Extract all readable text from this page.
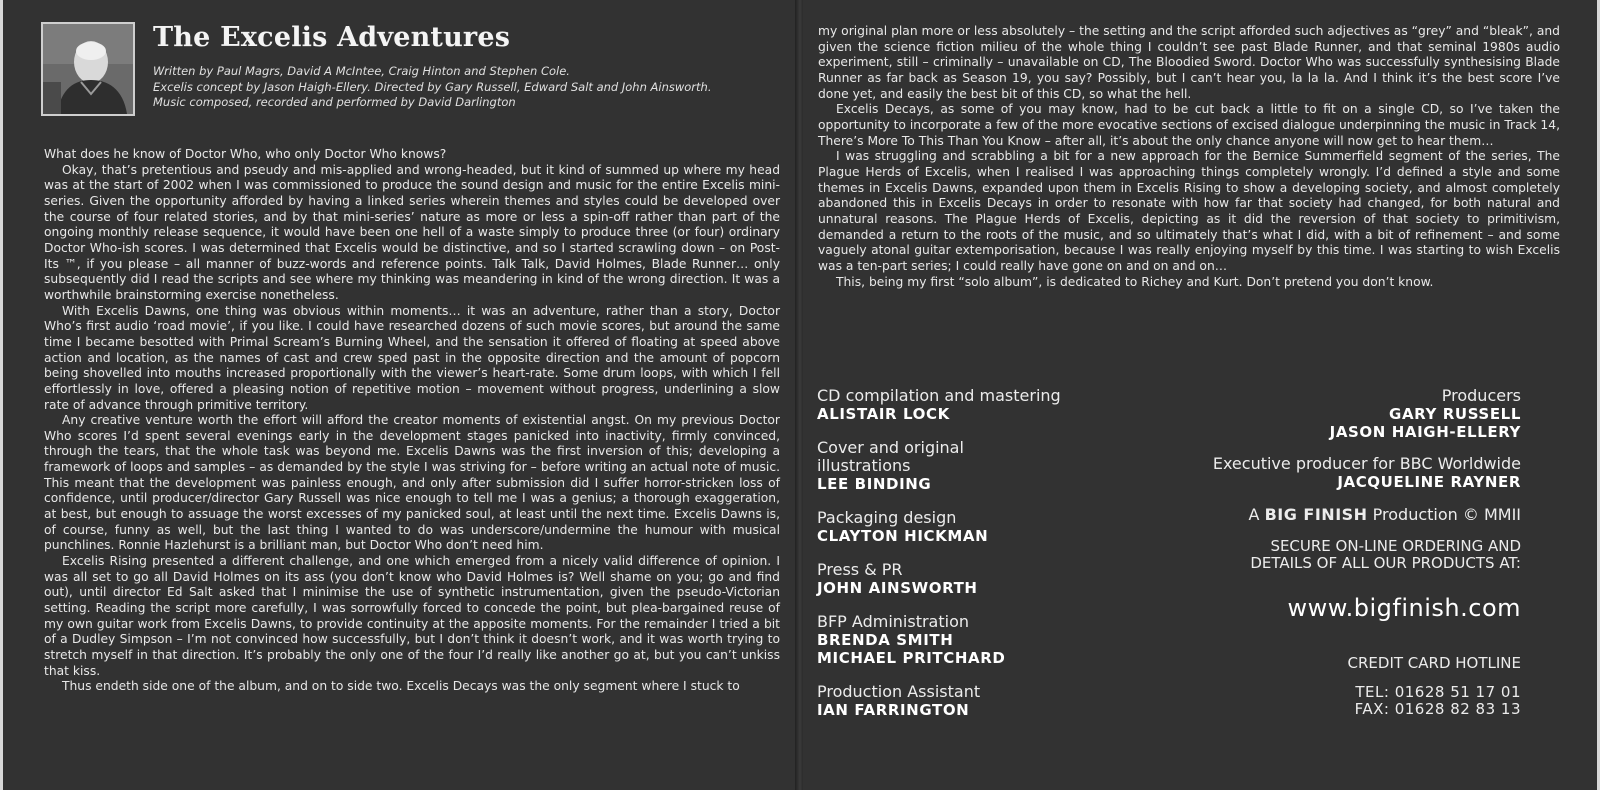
The Excelis Adventures
Written by Paul Magrs, David A McIntee, Craig Hinton and Stephen Cole.
Excelis concept by Jason Haigh-Ellery. Directed by Gary Russell, Edward Salt and John Ainsworth.
Music composed, recorded and performed by David Darlington

What does he know of Doctor Who, who only Doctor Who knows?

Okay, that’s pretentious and pseudy and mis-applied and wrong-headed, but it kind of summed up where my head was at the start of 2002 when I was commissioned to produce the sound design and music for the entire Excelis mini-series. Given the opportunity afforded by having a linked series wherein themes and styles could be developed over the course of four related stories, and by that mini-series’ nature as more or less a spin-off rather than part of the ongoing monthly release sequence, it would have been one hell of a waste simply to produce three (or four) ordinary Doctor Who-ish scores. I was determined that Excelis would be distinctive, and so I started scrawling down – on Post-Its ™, if you please – all manner of buzz-words and reference points. Talk Talk, David Holmes, Blade Runner… only subsequently did I read the scripts and see where my thinking was meandering in kind of the wrong direction. It was a worthwhile brainstorming exercise nonetheless.

With Excelis Dawns, one thing was obvious within moments… it was an adventure, rather than a story, Doctor Who’s first audio ‘road movie’, if you like. I could have researched dozens of such movie scores, but around the same time I became besotted with Primal Scream’s Burning Wheel, and the sensation it offered of floating at speed above action and location, as the names of cast and crew sped past in the opposite direction and the amount of popcorn being shovelled into mouths increased proportionally with the viewer’s heart-rate. Some drum loops, with which I fell effortlessly in love, offered a pleasing notion of repetitive motion – movement without progress, underlining a slow rate of advance through primitive territory.

Any creative venture worth the effort will afford the creator moments of existential angst. On my previous Doctor Who scores I’d spent several evenings early in the development stages panicked into inactivity, firmly convinced, through the tears, that the whole task was beyond me. Excelis Dawns was the first inversion of this; developing a framework of loops and samples – as demanded by the style I was striving for – before writing an actual note of music. This meant that the development was painless enough, and only after submission did I suffer horror-stricken loss of confidence, until producer/director Gary Russell was nice enough to tell me I was a genius; a thorough exaggeration, at best, but enough to assuage the worst excesses of my panicked soul, at least until the next time. Excelis Dawns is, of course, funny as well, but the last thing I wanted to do was underscore/undermine the humour with musical punchlines. Ronnie Hazlehurst is a brilliant man, but Doctor Who don’t need him.

Excelis Rising presented a different challenge, and one which emerged from a nicely valid difference of opinion. I was all set to go all David Holmes on its ass (you don’t know who David Holmes is? Well shame on you; go and find out), until director Ed Salt asked that I minimise the use of synthetic instrumentation, given the pseudo-Victorian setting. Reading the script more carefully, I was sorrowfully forced to concede the point, but plea-bargained reuse of my own guitar work from Excelis Dawns, to provide continuity at the apposite moments. For the remainder I tried a bit of a Dudley Simpson – I’m not convinced how successfully, but I don’t think it doesn’t work, and it was worth trying to stretch myself in that direction. It’s probably the only one of the four I’d really like another go at, but you can’t unkiss that kiss.

Thus endeth side one of the album, and on to side two. Excelis Decays was the only segment where I stuck to

my original plan more or less absolutely – the setting and the script afforded such adjectives as “grey” and “bleak”, and given the science fiction milieu of the whole thing I couldn’t see past Blade Runner, and that seminal 1980s audio experiment, still – criminally – unavailable on CD, The Bloodied Sword. Doctor Who was successfully synthesising Blade Runner as far back as Season 19, you say? Possibly, but I can’t hear you, la la la. And I think it’s the best score I’ve done yet, and easily the best bit of this CD, so what the hell.

Excelis Decays, as some of you may know, had to be cut back a little to fit on a single CD, so I’ve taken the opportunity to incorporate a few of the more evocative sections of excised dialogue underpinning the music in Track 14, There’s More To This Than You Know – after all, it’s about the only chance anyone will now get to hear them…

I was struggling and scrabbling a bit for a new approach for the Bernice Summerfield segment of the series, The Plague Herds of Excelis, when I realised I was approaching things completely wrongly. I’d defined a style and some themes in Excelis Dawns, expanded upon them in Excelis Rising to show a developing society, and almost completely abandoned this in Excelis Decays in order to resonate with how far that society had changed, for both natural and unnatural reasons. The Plague Herds of Excelis, depicting as it did the reversion of that society to primitivism, demanded a return to the roots of the music, and so ultimately that’s what I did, with a bit of refinement – and some vaguely atonal guitar extemporisation, because I was really enjoying myself by this time. I was starting to wish Excelis was a ten-part series; I could really have gone on and on and on…

This, being my first “solo album”, is dedicated to Richey and Kurt. Don’t pretend you don’t know.

CD compilation and mastering
ALISTAIR LOCK
Cover and original illustrations
LEE BINDING
Packaging design
CLAYTON HICKMAN
Press & PR
JOHN AINSWORTH
BFP Administration
BRENDA SMITH
MICHAEL PRITCHARD
Production Assistant
IAN FARRINGTON
Producers
GARY RUSSELL
JASON HAIGH-ELLERY
Executive producer for BBC Worldwide
JACQUELINE RAYNER
A BIG FINISH Production © MMII
SECURE ON-LINE ORDERING AND
DETAILS OF ALL OUR PRODUCTS AT:
www.bigfinish.com
CREDIT CARD HOTLINE
TEL: 01628 51 17 01
FAX: 01628 82 83 13
